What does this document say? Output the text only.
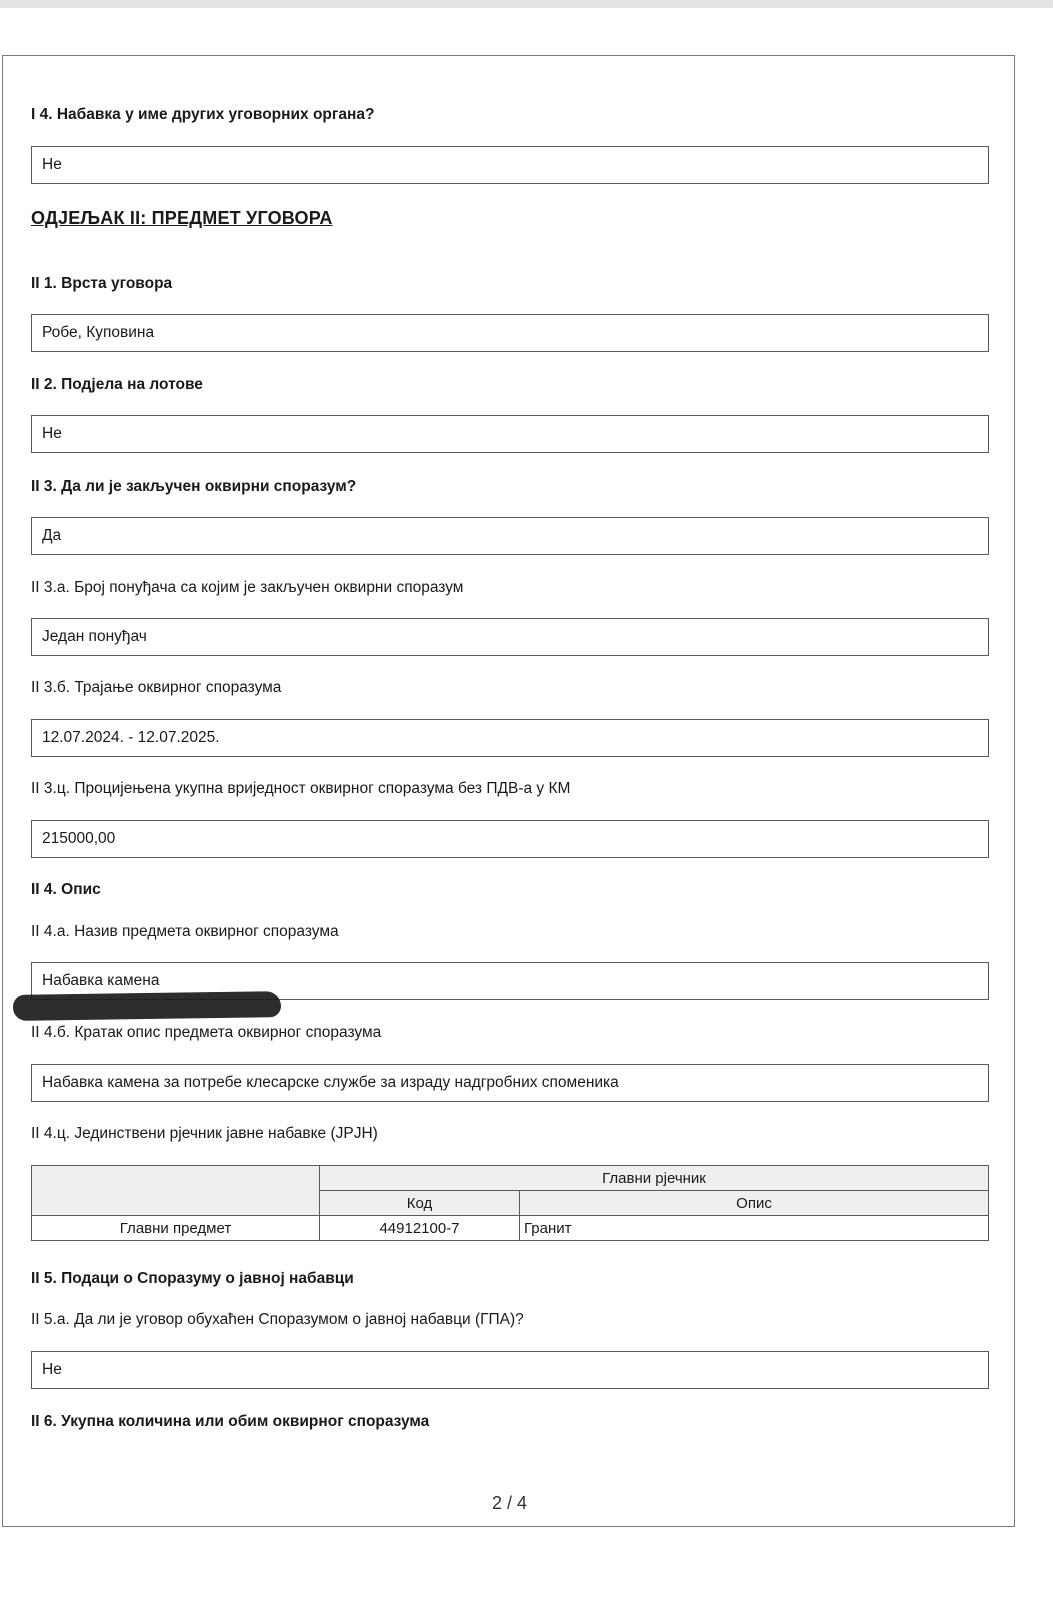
I 4. Набавка у име других уговорних органа?
Не
ОДЈЕЉАК II: ПРЕДМЕТ УГОВОРА
II 1. Врста уговора
Робе, Куповина
II 2. Подјела на лотове
Не
II 3. Да ли је закључен оквирни споразум?
Да
II 3.а. Број понуђача са којим је закључен оквирни споразум
Један понуђач
II 3.б. Трајање оквирног споразума
12.07.2024. - 12.07.2025.
II 3.ц. Процијењена укупна вриједност оквирног споразума без ПДВ-а у КМ
215000,00
II 4. Опис
II 4.а. Назив предмета оквирног споразума
Набавка камена
II 4.б. Кратак опис предмета оквирног споразума
Набавка камена за потребе клесарске службе за израду надгробних споменика
II 4.ц. Јединствени рјечник јавне набавке (JPJH)
	Главни рјечник	
	Код	Опис
Главни предмет	44912100-7	Гранит
II 5. Подаци о Споразуму о јавној набавци
II 5.а. Да ли је уговор обухаћен Споразумом о јавној набавци (ГПА)?
Не
II 6. Укупна количина или обим оквирног споразума
2 / 4
